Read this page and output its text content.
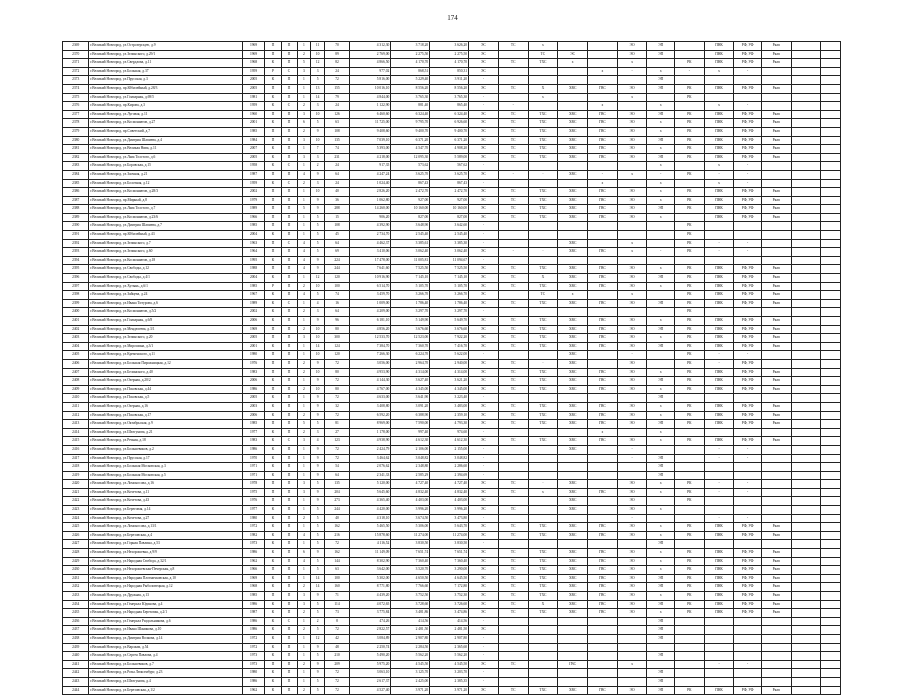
174
2369	г.Великий Новгород, ул.Острозерскую, д.9	1969	П	П	1	11	70	4 312,30	3 718,20	3 626,20	ЭС	ТС	х			ЭО	ЭП		ПНК	РФ, УФ	Ркап		
2370	г.Великий Новгород, ул.Зелинского, д.29/1	1969	П	П	2	10	89	2 769,00	2 275,50	2 275,50	ЭС		ТС	ЭС		ЭО	ЭП		ПНК	РФ, УФ	Ркап		
2371	г.Великий Новгород, ул.Свердлова, д.11	1968	К	П	5	12	82	4 866,50	4 170,70	4 170,70	ЭС	ТС	ТХС	х		х		РК	ПНК	РФ, УФ	Ркап		
2372	г.Великий Новгород, ул.Большая, д.37	1959	Р	С	3	3	24	977,02	868,51	850,31	ЭС				х	-	х	-	х	-			
2373	г.Великий Новгород, ул.Прусская, д.3	2005	К	П	1	5	72	5 816,00	5 229,40	3 911,20	-						ЭП						
2374	г.Великий Новгород, пр.Юбилейный, д.28/3	2005	П	П	1	13	155	10 016,10	8 556,20	8 556,20	ЭС	ТС	Х	ХВС	ГВС	ЭО	ЭП	РК	ПНК	РФ, УФ	Ркап		
2375	г.Великий Новгород, ул.Гончарная, д.69/5	1981	К	П	1	14	79	4 844,00	3 765,30	3 765,30	-		х			х		РК					
2376	г.Великий Новгород, пр.Кирова, д.3	1959	К	С	2	3	24	1 122,90	881,40	865,40	-	-			х		х		х	-			
2377	г.Великий Новгород, ул.Луговая, д.11	1960	П	П	3	10	126	6 460,60	6 324,40	6 324,40	ЭС	ТС	ТХС	ХВС	ГВС	ЭО	ЭП	РК	ПНК	РФ, УФ	Ркап		
2378	г.Великий Новгород, ул.Космонавтов, д.27	2001	К	П	6	5	63	11 725,00	9 795,70	6 926,60	ЭС	ТС	ТХС	ХВС	ГВС	ЭО	х	РК	ПНК	РФ, УФ	Ркап		
2379	г.Великий Новгород, пр.Советский, д.7	1985	П	П	2	9	108	9 408,60	9 400,70	9 400,70	ЭС	ТС	ТХС	ХВС	ГВС	ЭО	х	РК	ПНК	РФ, УФ	Ркап		
2380	г.Великий Новгород, ул.Дмитрия Шапиева, д.4	1984	П	П	3	10	135	7 039,10	6 371,20	6 371,20	ЭС	ТС	ТХС	ХВС	ГВС	ЭО	ЭП	РК	ПНК	РФ, УФ	Ркап		
2381	г.Великий Новгород, ул.Великая Нива, д.11	2007	К	П	1	7	74	5 393,00	4 547,70	4 908,20	ЭС	ТС	ТХС	ХВС	ГВС	ЭО	х	РК	ПНК	РФ, УФ	Ркап		
2382	г.Великий Новгород, ул.Льва Толстого, д.6	2005	К	П	3	3	231	4 218,00	12 095,30	5 589,00	ЭС	ТС	ТХС	ХВС	ГВС	ЭО	ЭП	РК	ПНК	РФ, УФ	Ркап		
2383	г.Великий Новгород, ул.Боровская, д.15	1958	К	С	1	2	24	917,35	573,62	567,62	-						х		х	-			
2384	г.Великий Новгород, ул.Заочная, д.21	1987	П	П	4	9	64	4 247,24	3 625,70	3 625,70	ЭС	-	-	ХВС	-	х	-	РК	-	-			
2385	г.Великий Новгород, ул.Болотная, д.12	1959	К	С	2	3	24	1 024,40	867,43	867,43	-				х		х		х	-			
2386	г.Великий Новгород, ул.Космонавтов, д.28/3	2002	П	П	1	10	40	2 826,20	2 472,70	2 472,70	ЭС	ТС	ТХС	ХВС	ГВС	ЭО	х	РК	ПНК	РФ, УФ	Ркап		
2387	г.Великий Новгород, пр.Мирный, д.8	1979	П	П	1	9	36	1 062,80	927,00	927,00	ЭС	ТС	ТХС	ХВС	ГВС	ЭО	х	РК	ПНК	РФ, УФ	Ркап		
2388	г.Великий Новгород, ул.Льва Толстого, д.7	1989	П	П	5	9	288	14 260,00	10 160,00	10 160,00	ЭС	ТС	ТХС	ХВС	ГВС	ЭО	ЭП	РК	ПНК	РФ, УФ	Ркап		
2389	г.Великий Новгород, ул.Космонавтов, д.23/6	1966	П	П	1	5	15	906,20	827,00	827,00	ЭС	ТС	ТХС	ХВС	ГВС	ЭО	х		ПНК	РФ, УФ	Ркап		
2390	г.Великий Новгород, ул.Дмитрия Шапиева, д.7	1985	П	П	1	5	108	4 392,90	3 648,90	3 642,60	-							РК					
2391	г.Великий Новгород, пр.Юбилейный, д.43	2004	К	П	1	5	45	2 734,70	2 545,40	2 545,40	-							РК					
2392	г.Великий Новгород, ул.Зелинского, д.7	1963	П	С	4	5	64	4 462,37	3 385,61	3 385,30	-			ХВС		х		РК	-	-			
2393	г.Великий Новгород, ул.Зелинского, д.60	1964	П	П	4	5	69	3 410,06	3 062,40	3 062,40	ЭС	-	-	ХВС	ГВС	х	-	РК	-	-			
2394	г.Великий Новгород, ул.Космонавтов, д.18	1995	К	П	4	9	224	17 478,00	11 005,81	11 094,67	-												
2395	г.Великий Новгород, ул.Свободы, д.12	1988	П	П	4	9	244	7 641,60	7 525,50	7 525,50	ЭС	ТС	ТХС	ХВС	ГВС	ЭО	х	РК	ПНК	РФ, УФ	Ркап		
2396	г.Великий Новгород, ул.Свободы, д.4/1	2004	К	П	1	12	120	10 916,90	7 145,10	7 145,10	ЭС	ТС	Х	ХВС	ГВС	ЭО	ЭП	РК	ПНК	РФ, УФ	Ркап		
2397	г.Великий Новгород, ул.Хутынь, д.6/1	1985	Р	П	2	10	100	6 514,70	5 105,70	5 105,70	ЭС	ТС	ТХС	ХВС	ГВС	ЭО	х	РК	ПНК	РФ, УФ	Ркап		
2398	г.Великий Новгород, ул.Зайцева, д.24	1967	К	П	4	5	74	3 459,70	3 266,70	3 266,70	ЭС		ТС	х		х		РК	ПНК	РФ, УФ	Ркап		
2399	г.Великий Новгород, ул.Ивана Титурова, д.6	1989	К	С	1	4	16	1 009,00	1 786,40	1 786,40	ЭС	ТС	ТХС	ХВС	ГВС	ЭО	ЭП	РК	ПНК	РФ, УФ	Ркап		
2400	г.Великий Новгород, ул.Космонавтов, д.5/2	2002	К	П	2	3	64	4 209,00	3 297,70	3 297,70	-							РК					
2401	г.Великий Новгород, ул.Гончарная, д.6/8	2006	К	П	1	9	96	6 181,10	5 149,90	5 649,70	ЭС	ТС	ТХС	ХВС	ГВС	ЭО	х	РК	ПНК	РФ, УФ	Ркап		
2402	г.Великий Новгород, ул.Менделеева, д.3/1	1969	П	П	2	10	80	4 856,20	3 676,60	3 676,60	ЭС	ТС	ТХС	ХВС	ГВС	ЭО	ЭП	РК	ПНК	РФ, УФ	Ркап		
2403	г.Великий Новгород, ул.Зелинского, д.20	2005	П	П	3	10	300	12 533,70	12 523,00	7 922,20	ЭС	ТС	ТХС	ХВС	ГВС	ЭО	х	РК	ПНК	РФ, УФ	Ркап		
2404	г.Великий Новгород, ул.Мирошина, д.3/1	2001	К	П	1	14	124	7 384,70	7 360,70	7 416,70	ЭС	ТС	ТХС	ХВС	ГВС	ЭО	ЭП	РК	ПНК	РФ, УФ	Ркап		
2405	г.Великий Новгород, ул.Кременского, д.11	1980	П	П	1	10	120	7 266,30	6 224,70	5 622,00	-			ХВС		-		РК	-	-			
2406	г.Великий Новгород, ул.Большая Пирожницкая, д.12	1976	П	П	2	9	72	3 056,00	2 964,70	2 940,00	ЭС	ТС	-	ХВС		ЭО		РК	-	РФ, УФ			
2407	г.Великий Новгород, ул.Белинского, д.40	1983	П	П	2	10	80	4 953,90	4 314,00	4 314,00	ЭС	ТС	ТХС	ХВС	ГВС	ЭО	х	РК	ПНК	РФ, УФ	Ркап		
2408	г.Великий Новгород, ул.Озерная, д.20/2	2006	К	П	1	9	72	4 144,30	3 627,40	3 621,20	ЭС	ТС	ТХС	ХВС	ГВС	ЭО	ЭП	РК	ПНК	РФ, УФ	Ркап		
2409	г.Великий Новгород, ул.Псковская, д.44	1986	П	П	2	10	80	4 767,00	4 345,00	4 345,00	ЭС	ТС	ТХС	ХВС	ГВС	ЭО	х	РК	ПНК	РФ, УФ	Ркап		
2410	г.Великий Новгород, ул.Псковская, д.5	2005	К	П	1	9	72	4 633,00	3 641,90	3 223,40	-						ЭП						
2411	г.Великий Новгород, ул.Озерная, д.16	2003	К	П	1	9	32	3 408,80	3 091,20	3 483,00	ЭС	ТС	ТХС	ХВС	ГВС	ЭО	х	РК	ПНК	РФ, УФ	Ркап		
2412	г.Великий Новгород, ул.Псковская, д.17	2006	К	П	2	9	72	6 592,20	6 388,90	2 359,10	ЭС	ТС	ТХС	ХВС	ГВС	ЭО	х	РК	ПНК	РФ, УФ	Ркап		
2413	г.Великий Новгород, ул.Октябрьская, д.9	1985	П	П	5	5	81	8 969,00	7 590,00	4 793,30	ЭС	ТС	ТХС	ХВС	ГВС	ЭО	ЭП	РК	ПНК	РФ, УФ	Ркап		
2414	г.Великий Новгород, ул.Шелгунова, д.21	1977	К	П	2	3	27	1 178,00	997,40	974,60	-				х		х						
2415	г.Великий Новгород, ул.Речная, д.18	1983	К	С	3	4	123	4 938,90	4 612,30	4 612,30	ЭС	ТС	ТХС	ХВС	ГВС	ЭО	х	РК	ПНК	РФ, УФ	Ркап		
2416	г.Великий Новгород, ул.Большевиков, д.2	1986	К	П	1	9	72	2 424,79	2 106,00	2 155,00	-			ХВС		-			-	-			
2417	г.Великий Новгород, ул.Прусская, д.17	1970	К	П	1	9	72	3 464,62	3 048,82	3 048,82	-					-	ЭП		-	-			
2418	г.Великий Новгород, ул.Большая Московская, д.3	1971	К	П	1	9	54	2 076,62	2 348,80	2 286,60	-						ЭП						
2419	г.Великий Новгород, ул.Большая Московская, д.5	1971	К	П	1	9	64	2 341,33	2 585,29	2 394,69	-						ЭП						
2420	г.Великий Новгород, ул.Ломоносова, д.16	1978	П	П	3	5	135	5 120,00	4 727,40	4 727,40	ЭС	ТС	-	ХВС		ЭО	х	РК	-	-			
2421	г.Великий Новгород, ул.Кочетова, д.11	1975	П	П	3	9	204	5 645,60	4 832,40	4 832,40	ЭС	ТС	х	ХВС	ГВС	ЭО	х	РК	-	-			
2422	г.Великий Новгород, ул.Кочетова, д.43	1976	П	П	1	9	273	4 365,40	4 403,00	4 403,00	ЭС			ХВС		ЭО		РК					
2423	г.Великий Новгород, ул.Береговая, д.14	1977	К	П	1	5	244	4 420,00	3 996,20	3 996,20	ЭС	ТС		ХВС		ЭО	х						
2424	г.Великий Новгород, ул.Кочетова, д.27	1980	К	П	2	5	40	4 318,10	3 674,50	3 473,80	-					-			-	-			
2425	г.Великий Новгород, ул.Ломоносова, д.13/1	1972	К	П	1	5	162	5 465,50	5 306,00	5 643,70	ЭС	ТС	ТХС	ХВС	ГВС	ЭО	х	РК	ПНК	РФ, УФ	Ркап		
2426	г.Великий Новгород, ул.Березовская, д.4	1982	К	П	4	5	216	15 878,60	11 274,00	11 274,00	ЭС	ТС	ТХС	ХВС	ГВС	ЭО	х	РК	ПНК	РФ, УФ	Ркап		
2427	г.Великий Новгород, ул.Горная Павлина, д.53	1973	К	П	1	5	72	4 116,52	3 830,50	3 830,50	-						ЭП						
2428	г.Великий Новгород, ул.Нехорошевка, д.9/9	1986	К	П	6	9	162	11 149,09	7 651,74	7 651,74	ЭС	ТС	ТХС	ХВС	ГВС	ЭО	х	РК	ПНК	РФ, УФ	Ркап		
2429	г.Великий Новгород, ул.Народная Свобода, д.32/1	1962	К	П	4	5	144	8 302,90	7 360,40	7 360,40	ЭС	ТС	ТХС	ХВС	ГВС	ЭО	х	РК	ПНК	РФ, УФ	Ркап		
2430	г.Великий Новгород, ул.Нехорошевская-Печерская, д.8	1966	П	П	1	5	63	3 642,00	3 520,70	3 290,00	ЭС	ТС	ТХС	ХВС	ГВС	ЭО	х	РК	ПНК	РФ, УФ	Ркап		
2431	г.Великий Новгород, ул.Народная Плотничковская, д.10	1969	К	П	1	14	100	5 302,00	4 650,50	4 645,50	ЭС	ТС	ТХС	ХВС	ГВС	ЭО	ЭП	РК	ПНК	РФ, УФ	Ркап		
2432	г.Великий Новгород, ул.Народная Рыболовецкая, д.12	1968	К	П	2	14	160	8 771,80	7 766,60	7 172,80	ЭС	ТС	ТХС	ХВС	ГВС	ЭО	ЭП	РК	ПНК	РФ, УФ	Ркап		
2433	г.Великий Новгород, ул.Дружная, д.13	1985	П	П	3	9	71	4 439,20	3 752,50	3 752,30	ЭС	ТС	ТХС	ХВС	ГВС	ЭО	х	РК	ПНК	РФ, УФ	Ркап		
2434	г.Великий Новгород, ул.Генерала Юдинова, д.4	1986	К	П	3	5	114	4 072,65	3 728,60	3 726,60	ЭС	ТС	Х	ХВС	ГВС	ЭО	ЭП	РК	ПНК	РФ, УФ	Ркап		
2435	г.Великий Новгород, ул.Народная Березовая, д.2/1	1987	К	П	2	5	73	3 775,84	3 481,86	3 474,86	ЭС	ТС	ТХС	ХВС	ГВС	ЭО	х	РК	ПНК	РФ, УФ	Ркап		
2436	г.Великий Новгород, ул.Генерала Раздольникова, д.6	1986	К	С	1	2	8	474,26	414,56	414,56	-						ЭП						
2437	г.Великий Новгород, ул.Ивана Шаникова, д.10	1986	К	П	2	5	72	2 822,57	2 481,50	2 481,50	ЭС						ЭП						
2438	г.Великий Новгород, ул.Дмитрия Волкова, д.14	1972	К	П	1	12	42	3 084,89	2 907,80	2 907,80	-						ЭП						
2439	г.Великий Новгород, ул.Варлаам, д.54	1972	К	П	1	9	48	2 250,74	2 284,50	2 365,60	-												
2440	г.Великий Новгород, ул.Сергея Павлова, д.4	1973	К	П	1	5	210	5 490,20	5 562,20	5 562,20	-						ЭП						
2441	г.Великий Новгород, ул.Большевиков, д.7	1973	П	П	2	9	209	5 975,20	4 545,50	4 545,50	ЭС	ТС		ГВС		х			-	-			
2442	г.Великий Новгород, ул.Розы Люксембург, д.23	1980	К	П	1	9	72	3 063,10	3 125,70	3 203,70	-						ЭП						
2443	г.Великий Новгород, ул.Шелгунова, д.4	1986	К	П	1	5	72	2 617,37	2 425,00	2 385,35	-						ЭП						
2444	г.Великий Новгород, ул.Березовская, д.1/2	1962	К	П	2	5	72	4 527,40	3 971,20	3 971,20	ЭС	ТС	ТХС	ХВС	ГВС	ЭО	ЭП	РК	ПНК	РФ, УФ	Ркап		
